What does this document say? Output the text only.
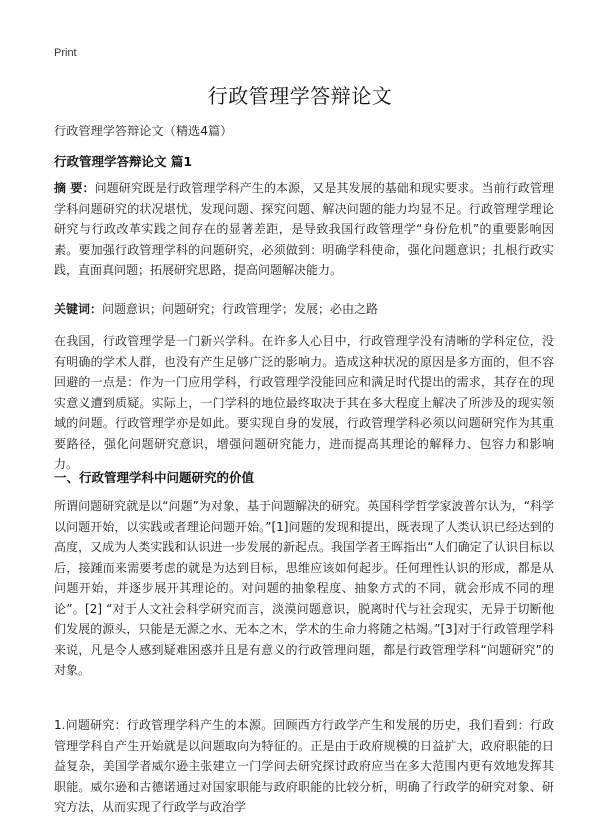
Print
行政管理学答辩论文
行政管理学答辩论文（精选4篇）
行政管理学答辩论文 篇1

摘 要：问题研究既是行政管理学科产生的本源，又是其发展的基础和现实要求。当前行政管理学科问题研究的状况堪忧，发现问题、探究问题、解决问题的能力均显不足。行政管理学理论研究与行政改革实践之间存在的显著差距，是导致我国行政管理学“身份危机”的重要影响因素。要加强行政管理学科的问题研究，必须做到：明确学科使命，强化问题意识；扎根行政实践，直面真问题；拓展研究思路，提高问题解决能力。

关键词：问题意识；问题研究；行政管理学；发展；必由之路

在我国，行政管理学是一门新兴学科。在许多人心目中，行政管理学没有清晰的学科定位，没有明确的学术人群，也没有产生足够广泛的影响力。造成这种状况的原因是多方面的，但不容回避的一点是：作为一门应用学科，行政管理学没能回应和满足时代提出的需求，其存在的现实意义遭到质疑。实际上，一门学科的地位最终取决于其在多大程度上解决了所涉及的现实领域的问题。行政管理学亦是如此。要实现自身的发展，行政管理学科必须以问题研究作为其重要路径，强化问题研究意识，增强问题研究能力，进而提高其理论的解释力、包容力和影响力。

一、行政管理学科中问题研究的价值

所谓问题研究就是以“问题”为对象，基于问题解决的研究。英国科学哲学家波普尔认为，“科学以问题开始，以实践或者理论问题开始。”[1]问题的发现和提出，既表现了人类认识已经达到的高度，又成为人类实践和认识进一步发展的新起点。我国学者王晖指出“人们确定了认识目标以后，接踵而来需要考虑的就是为达到目标，思维应该如何起步。任何理性认识的形成，都是从问题开始，并逐步展开其理论的。对问题的抽象程度、抽象方式的不同，就会形成不同的理论”。[2] “对于人文社会科学研究而言，淡漠问题意识，脱离时代与社会现实，无异于切断他们发展的源头，只能是无源之水、无本之木，学术的生命力将随之枯竭。”[3]对于行政管理学科来说，凡是令人感到疑难困惑并且是有意义的行政管理问题，都是行政管理学科“问题研究”的对象。

1.问题研究：行政管理学科产生的本源。回顾西方行政学产生和发展的历史，我们看到：行政管理学科自产生开始就是以问题取向为特征的。正是由于政府规模的日益扩大，政府职能的日益复杂，美国学者威尔逊主张建立一门学问去研究探讨政府应当在多大范围内更有效地发挥其职能。威尔逊和古德诺通过对国家职能与政府职能的比较分析，明确了行政学的研究对象、研究方法，从而实现了行政学与政治学
